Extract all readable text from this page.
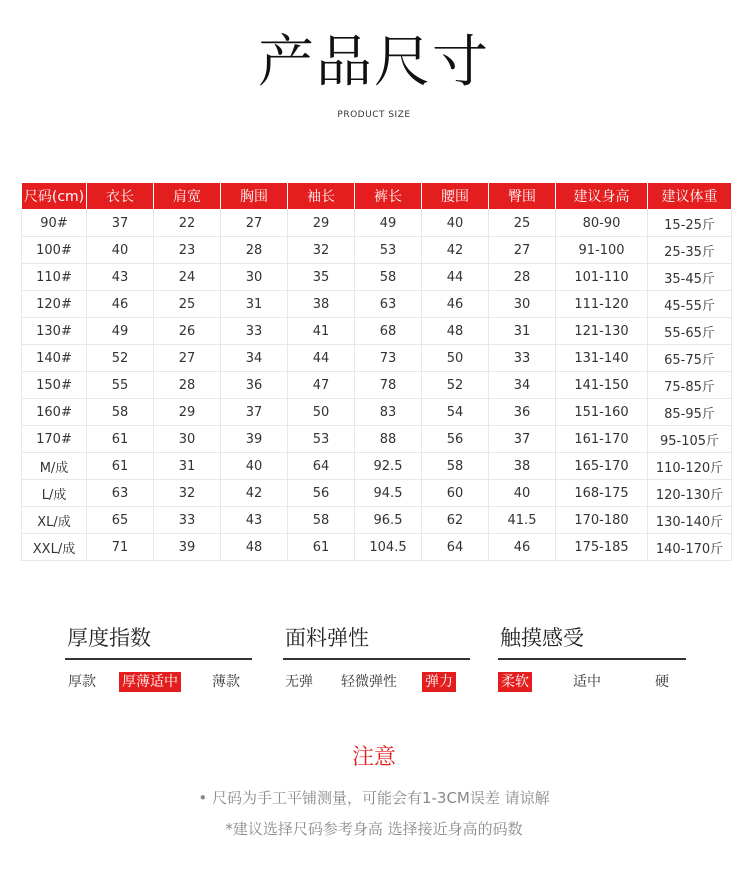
产品尺寸
PRODUCT SIZE
尺码(cm)	衣长	肩宽	胸围	袖长	裤长	腰围	臀围	建议身高	建议体重
90#	37	22	27	29	49	40	25	80-90	15-25斤
100#	40	23	28	32	53	42	27	91-100	25-35斤
110#	43	24	30	35	58	44	28	101-110	35-45斤
120#	46	25	31	38	63	46	30	111-120	45-55斤
130#	49	26	33	41	68	48	31	121-130	55-65斤
140#	52	27	34	44	73	50	33	131-140	65-75斤
150#	55	28	36	47	78	52	34	141-150	75-85斤
160#	58	29	37	50	83	54	36	151-160	85-95斤
170#	61	30	39	53	88	56	37	161-170	95-105斤
M/成	61	31	40	64	92.5	58	38	165-170	110-120斤
L/成	63	32	42	56	94.5	60	40	168-175	120-130斤
XL/成	65	33	43	58	96.5	62	41.5	170-180	130-140斤
XXL/成	71	39	48	61	104.5	64	46	175-185	140-170斤
厚度指数
厚款 厚薄适中 薄款
面料弹性
无弹 轻微弹性 弹力
触摸感受
柔软	适中	硬
注意
• 尺码为手工平铺测量，可能会有1-3CM误差 请谅解
*建议选择尺码参考身高 选择接近身高的码数
